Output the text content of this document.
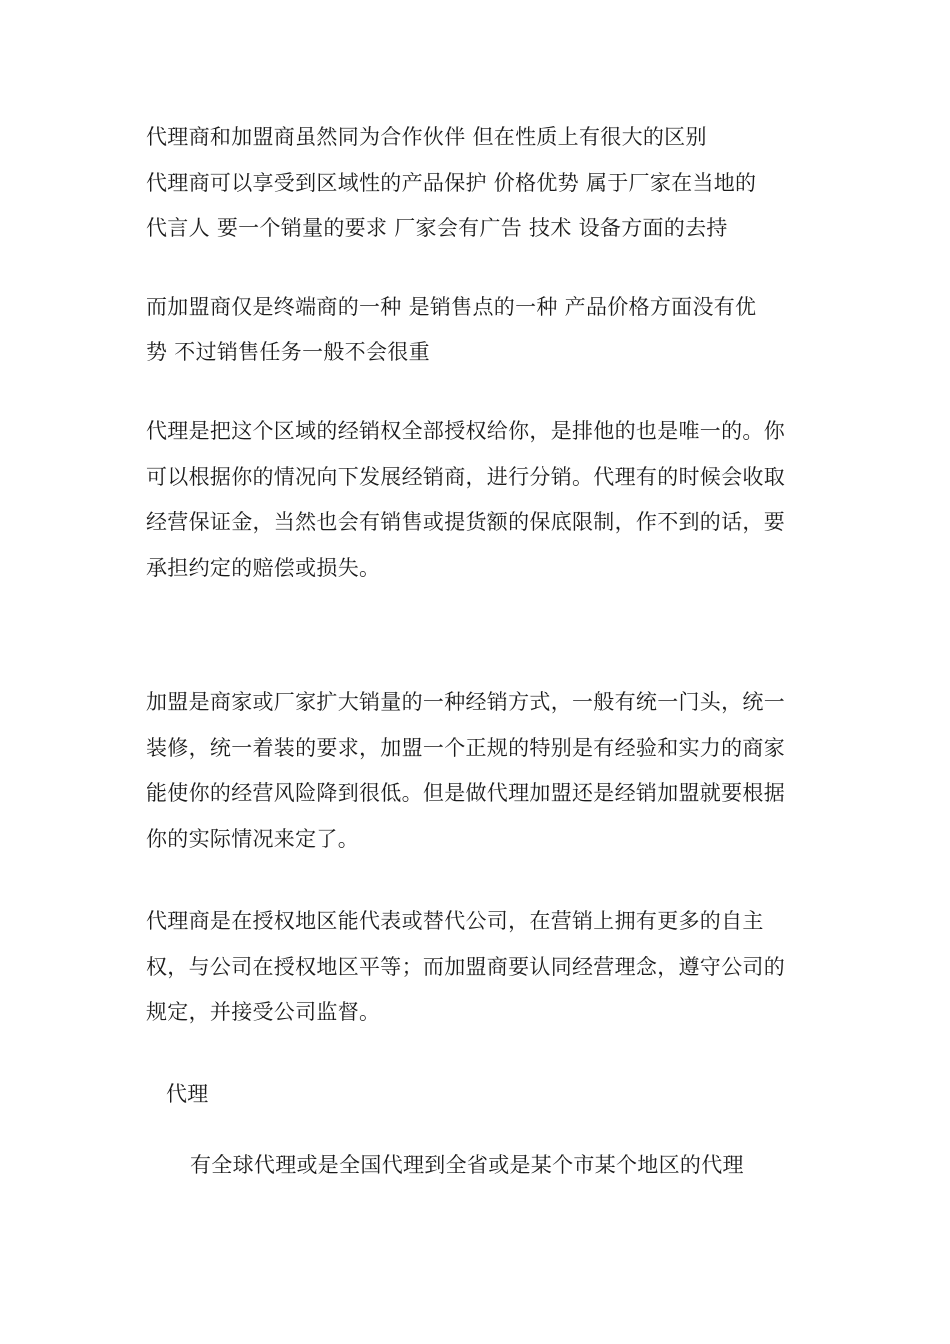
代理商和加盟商虽然同为合作伙伴 但在性质上有很大的区别
代理商可以享受到区域性的产品保护 价格优势 属于厂家在当地的
代言人 要一个销量的要求 厂家会有广告 技术 设备方面的去持

而加盟商仅是终端商的一种 是销售点的一种 产品价格方面没有优
势 不过销售任务一般不会很重

代理是把这个区域的经销权全部授权给你，是排他的也是唯一的。你
可以根据你的情况向下发展经销商，进行分销。代理有的时候会收取
经营保证金，当然也会有销售或提货额的保底限制，作不到的话，要
承担约定的赔偿或损失。

加盟是商家或厂家扩大销量的一种经销方式，一般有统一门头，统一
装修，统一着装的要求，加盟一个正规的特别是有经验和实力的商家
能使你的经营风险降到很低。但是做代理加盟还是经销加盟就要根据
你的实际情况来定了。

代理商是在授权地区能代表或替代公司，在营销上拥有更多的自主
权，与公司在授权地区平等；而加盟商要认同经营理念，遵守公司的
规定，并接受公司监督。

代理
有全球代理或是全国代理到全省或是某个市某个地区的代理
